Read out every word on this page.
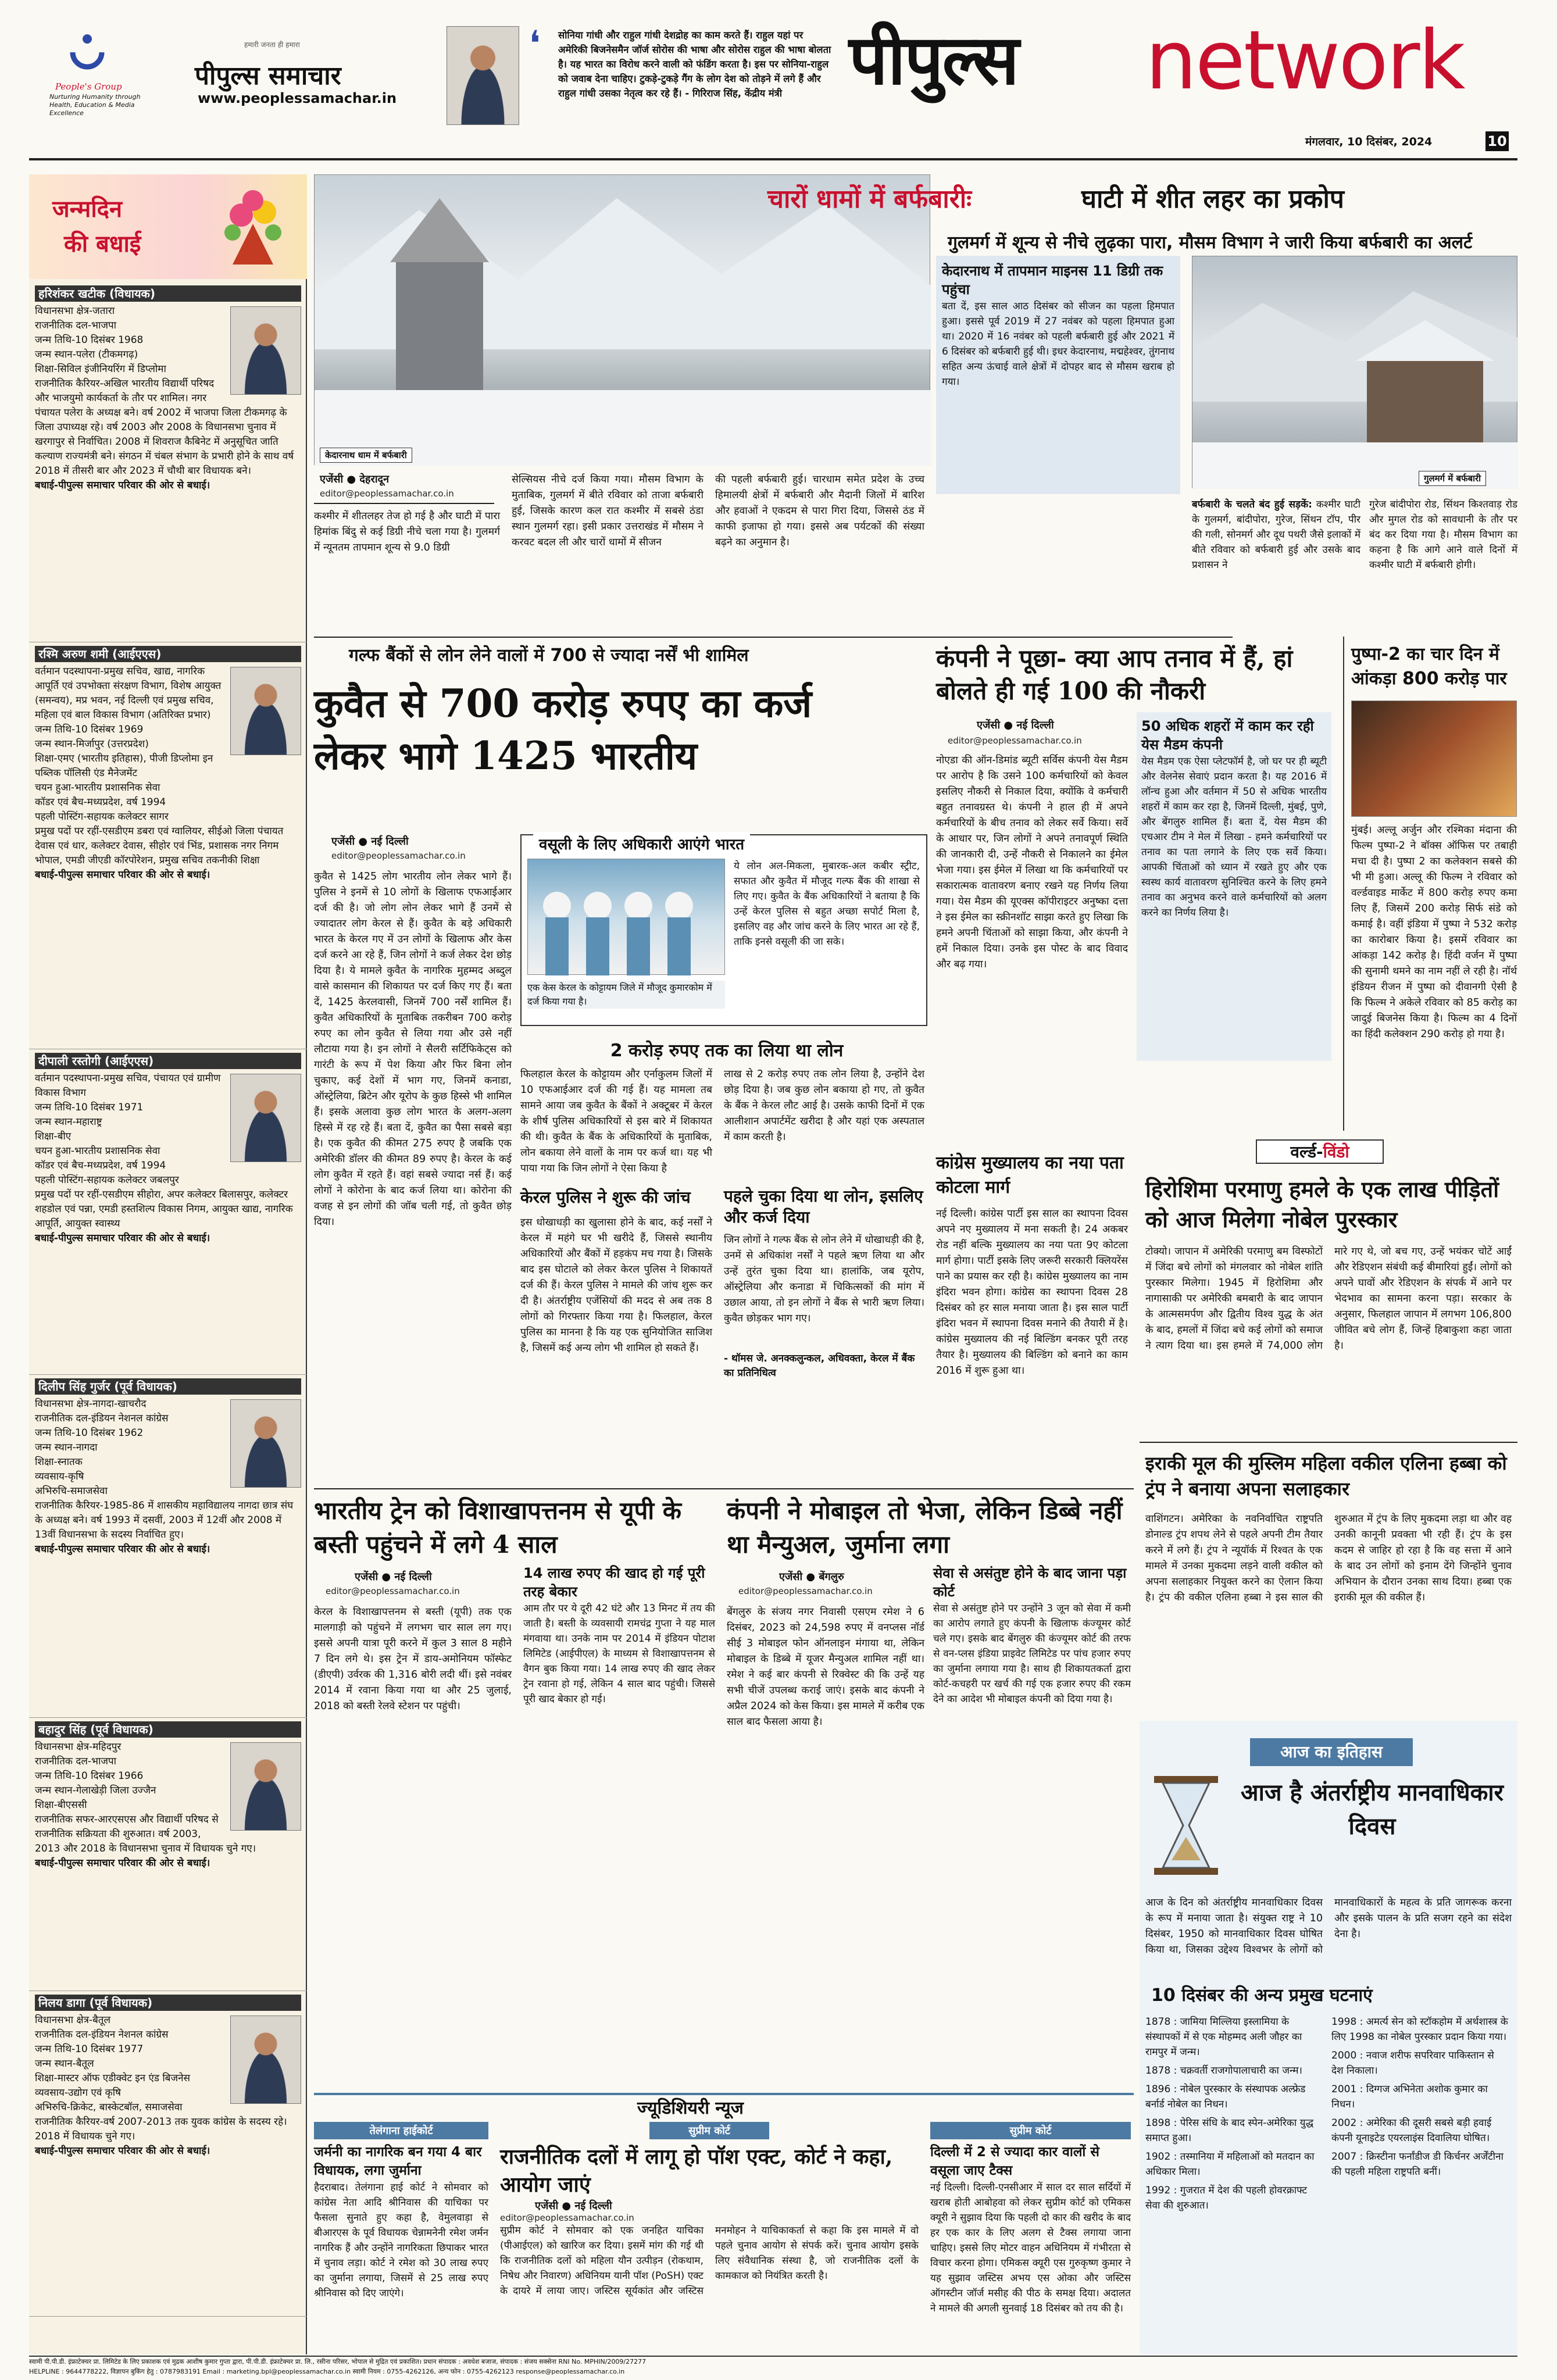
People's Group
Nurturing Humanity through Health, Education & Media Excellence
हमारी जनता ही हमारा
पीपुल्स समाचार
www.peoplessamachar.in
❛ सोनिया गांधी और राहुल गांधी देशद्रोह का काम करते हैं। राहुल यहां पर अमेरिकी बिजनेसमैन जॉर्ज सोरोस की भाषा और सोरोस राहुल की भाषा बोलता है। यह भारत का विरोध करने वाली को फंडिंग करता है। इस पर सोनिया-राहुल को जवाब देना चाहिए। टुकड़े-टुकड़े गैंग के लोग देश को तोड़ने में लगे हैं और राहुल गांधी उसका नेतृत्व कर रहे हैं। - गिरिराज सिंह, केंद्रीय मंत्री पीपुल्स network
मंगलवार, 10 दिसंबर, 2024	10
जन्मदिन
की बधाई
हरिशंकर खटीक (विधायक)

विधानसभा क्षेत्र-जतारा

राजनीतिक दल-भाजपा

जन्म तिथि-10 दिसंबर 1968

जन्म स्थान-पलेरा (टीकमगढ़)

शिक्षा-सिविल इंजीनियरिंग में डिप्लोमा

राजनीतिक कैरियर-अखिल भारतीय विद्यार्थी परिषद और भाजयुमो कार्यकर्ता के तौर पर शामिल। नगर पंचायत पलेरा के अध्यक्ष बने। वर्ष 2002 में भाजपा जिला टीकमगढ़ के जिला उपाध्यक्ष रहे। वर्ष 2003 और 2008 के विधानसभा चुनाव में खरगापुर से निर्वाचित। 2008 में शिवराज कैबिनेट में अनुसूचित जाति कल्याण राज्यमंत्री बने। संगठन में चंबल संभाग के प्रभारी होने के साथ वर्ष 2018 में तीसरी बार और 2023 में चौथी बार विधायक बने।

बधाई-पीपुल्स समाचार परिवार की ओर से बधाई।

रश्मि अरुण शमी (आईएएस)

वर्तमान पदस्थापना-प्रमुख सचिव, खाद्य, नागरिक आपूर्ति एवं उपभोक्ता संरक्षण विभाग, विशेष आयुक्त (समन्वय), मप्र भवन, नई दिल्ली एवं प्रमुख सचिव, महिला एवं बाल विकास विभाग (अतिरिक्त प्रभार)

जन्म तिथि-10 दिसंबर 1969

जन्म स्थान-मिर्जापुर (उत्तरप्रदेश)

शिक्षा-एमए (भारतीय इतिहास), पीजी डिप्लोमा इन पब्लिक पॉलिसी एंड मैनेजमेंट

चयन हुआ-भारतीय प्रशासनिक सेवा

कॉडर एवं बैच-मध्यप्रदेश, वर्ष 1994

पहली पोस्टिंग-सहायक कलेक्टर सागर

प्रमुख पदों पर रहीं-एसडीएम डबरा एवं ग्वालियर, सीईओ जिला पंचायत देवास एवं धार, कलेक्टर देवास, सीहोर एवं भिंड, प्रशासक नगर निगम भोपाल, एमडी जीएडी कॉरपोरेशन, प्रमुख सचिव तकनीकी शिक्षा

बधाई-पीपुल्स समाचार परिवार की ओर से बधाई।

दीपाली रस्तोगी (आईएएस)

वर्तमान पदस्थापना-प्रमुख सचिव, पंचायत एवं ग्रामीण विकास विभाग

जन्म तिथि-10 दिसंबर 1971

जन्म स्थान-महाराष्ट्र

शिक्षा-बीए

चयन हुआ-भारतीय प्रशासनिक सेवा

कॉडर एवं बैच-मध्यप्रदेश, वर्ष 1994

पहली पोस्टिंग-सहायक कलेक्टर जबलपुर

प्रमुख पदों पर रहीं-एसडीएम सीहोरा, अपर कलेक्टर बिलासपुर, कलेक्टर शहडोल एवं पन्ना, एमडी हस्तशिल्प विकास निगम, आयुक्त खाद्य, नागरिक आपूर्ति, आयुक्त स्वास्थ्य

बधाई-पीपुल्स समाचार परिवार की ओर से बधाई।

दिलीप सिंह गुर्जर (पूर्व विधायक)

विधानसभा क्षेत्र-नागदा-खाचरौद

राजनीतिक दल-इंडियन नेशनल कांग्रेस

जन्म तिथि-10 दिसंबर 1962

जन्म स्थान-नागदा

शिक्षा-स्नातक

व्यवसाय-कृषि

अभिरुचि-समाजसेवा

राजनीतिक कैरियर-1985-86 में शासकीय महाविद्यालय नागदा छात्र संघ के अध्यक्ष बने। वर्ष 1993 में दसवीं, 2003 में 12वीं और 2008 में 13वीं विधानसभा के सदस्य निर्वाचित हुए।

बधाई-पीपुल्स समाचार परिवार की ओर से बधाई।

बहादुर सिंह (पूर्व विधायक)

विधानसभा क्षेत्र-महिदपुर

राजनीतिक दल-भाजपा

जन्म तिथि-10 दिसंबर 1966

जन्म स्थान-गेलाखेड़ी जिला उज्जैन

शिक्षा-बीएससी

राजनीतिक सफर-आरएसएस और विद्यार्थी परिषद से राजनीतिक सक्रियता की शुरुआत। वर्ष 2003, 2013 और 2018 के विधानसभा चुनाव में विधायक चुने गए।

बधाई-पीपुल्स समाचार परिवार की ओर से बधाई।

निलय डागा (पूर्व विधायक)

विधानसभा क्षेत्र-बैतूल

राजनीतिक दल-इंडियन नेशनल कांग्रेस

जन्म तिथि-10 दिसंबर 1977

जन्म स्थान-बैतूल

शिक्षा-मास्टर ऑफ एडीक्वेट इन एंड बिजनेस

व्यवसाय-उद्योग एवं कृषि

अभिरुचि-क्रिकेट, बास्केटबॉल, समाजसेवा

राजनीतिक कैरियर-वर्ष 2007-2013 तक युवक कांग्रेस के सदस्य रहे। 2018 में विधायक चुने गए।

बधाई-पीपुल्स समाचार परिवार की ओर से बधाई।

केदारनाथ धाम में बर्फबारी
चारों धामों में बर्फबारीः	घाटी में शीत लहर का प्रकोप
गुलमर्ग में शून्य से नीचे लुढ़का पारा, मौसम विभाग ने जारी किया बर्फबारी का अलर्ट

केदारनाथ में तापमान माइनस 11 डिग्री तक पहुंचा

बता दें, इस साल आठ दिसंबर को सीजन का पहला हिमपात हुआ। इससे पूर्व 2019 में 27 नवंबर को पहला हिमपात हुआ था। 2020 में 16 नवंबर को पहली बर्फबारी हुई और 2021 में 6 दिसंबर को बर्फबारी हुई थी। इधर केदारनाथ, मद्महेश्वर, तुंगनाथ सहित अन्य ऊंचाई वाले क्षेत्रों में दोपहर बाद से मौसम खराब हो गया।

गुलमर्ग में बर्फबारी
एजेंसी ● देहरादून
editor@peoplessamachar.co.in

कश्मीर में शीतलहर तेज हो गई है और घाटी में पारा हिमांक बिंदु से कई डिग्री नीचे चला गया है। गुलमर्ग में न्यूनतम तापमान शून्य से 9.0 डिग्री

सेल्सियस नीचे दर्ज किया गया। मौसम विभाग के मुताबिक, गुलमर्ग में बीते रविवार को ताजा बर्फबारी हुई, जिसके कारण कल रात कश्मीर में सबसे ठंडा स्थान गुलमर्ग रहा। इसी प्रकार उत्तराखंड में मौसम ने करवट बदल ली और चारों धामों में सीजन

की पहली बर्फबारी हुई। चारधाम समेत प्रदेश के उच्च हिमालयी क्षेत्रों में बर्फबारी और मैदानी जिलों में बारिश और हवाओं ने एकदम से पारा गिरा दिया, जिससे ठंड में काफी इजाफा हो गया। इससे अब पर्यटकों की संख्या बढ़ने का अनुमान है।

बर्फबारी के चलते बंद हुई सड़कें: कश्मीर घाटी के गुलमर्ग, बांदीपोरा, गुरेज, सिंथन टॉप, पीर की गली, सोनमर्ग और दूध पथरी जैसे इलाकों में बीते रविवार को बर्फबारी हुई और उसके बाद प्रशासन ने

गुरेज बांदीपोरा रोड, सिंथन किश्तवाड़ रोड और मुगल रोड को सावधानी के तौर पर बंद कर दिया गया है। मौसम विभाग का कहना है कि आगे आने वाले दिनों में कश्मीर घाटी में बर्फबारी होगी।

गल्फ बैंकों से लोन लेने वालों में 700 से ज्यादा नर्सें भी शामिल
कुवैत से 700 करोड़ रुपए का कर्ज लेकर भागे 1425 भारतीय
एजेंसी ● नई दिल्ली
editor@peoplessamachar.co.in

कुवैत से 1425 लोग भारतीय लोन लेकर भागे हैं। पुलिस ने इनमें से 10 लोगों के खिलाफ एफआईआर दर्ज की है। जो लोग लोन लेकर भागे हैं उनमें से ज्यादातर लोग केरल से हैं। कुवैत के बड़े अधिकारी भारत के केरल गए में उन लोगों के खिलाफ और केस दर्ज करने आ रहे हैं, जिन लोगों ने कर्ज लेकर देश छोड़ दिया है। ये मामले कुवैत के नागरिक मुहम्मद अब्दुल वासे कासमान की शिकायत पर दर्ज किए गए हैं। बता दें, 1425 केरलवासी, जिनमें 700 नर्सें शामिल हैं। कुवैत अधिकारियों के मुताबिक तकरीबन 700 करोड़ रुपए का लोन कुवैत से लिया गया और उसे नहीं लौटाया गया है। इन लोगों ने सैलरी सर्टिफिकेट्स को गारंटी के रूप में पेश किया और फिर बिना लोन चुकाए, कई देशों में भाग गए, जिनमें कनाडा, ऑस्ट्रेलिया, ब्रिटेन और यूरोप के कुछ हिस्से भी शामिल हैं। इसके अलावा कुछ लोग भारत के अलग-अलग हिस्से में रह रहे हैं। बता दें, कुवैत का पैसा सबसे बड़ा है। एक कुवैत की कीमत 275 रुपए है जबकि एक अमेरिकी डॉलर की कीमत 89 रुपए है। केरल के कई लोग कुवैत में रहते हैं। वहां सबसे ज्यादा नर्स हैं। कई लोगों ने कोरोना के बाद कर्ज लिया था। कोरोना की वजह से इन लोगों की जॉब चली गई, तो कुवैत छोड़ दिया।

वसूली के लिए अधिकारी आएंगे भारत

एक केस केरल के कोट्टायम जिले में मौजूद कुमारकोम में दर्ज किया गया है।

ये लोन अल-मिकला, मुबारक-अल कबीर स्ट्रीट, सफात और कुवैत में मौजूद गल्फ बैंक की शाखा से लिए गए। कुवैत के बैंक अधिकारियों ने बताया है कि उन्हें केरल पुलिस से बहुत अच्छा सपोर्ट मिला है, इसलिए वह और जांच करने के लिए भारत आ रहे हैं, ताकि इनसे वसूली की जा सके।

2 करोड़ रुपए तक का लिया था लोन

फिलहाल केरल के कोट्टायम और एर्नाकुलम जिलों में 10 एफआईआर दर्ज की गई हैं। यह मामला तब सामने आया जब कुवैत के बैंकों ने अक्टूबर में केरल के शीर्ष पुलिस अधिकारियों से इस बारे में शिकायत की थी। कुवैत के बैंक के अधिकारियों के मुताबिक, लोन बकाया लेने वालों के नाम पर कर्ज था। यह भी पाया गया कि जिन लोगों ने ऐसा किया है

लाख से 2 करोड़ रुपए तक लोन लिया है, उन्होंने देश छोड़ दिया है। जब कुछ लोन बकाया हो गए, तो कुवैत के बैंक ने केरल लौट आई है। उसके काफी दिनों में एक आलीशान अपार्टमेंट खरीदा है और यहां एक अस्पताल में काम करती है।

केरल पुलिस ने शुरू की जांच

इस धोखाधड़ी का खुलासा होने के बाद, कई नर्सों ने केरल में महंगे घर भी खरीदे हैं, जिससे स्थानीय अधिकारियों और बैंकों में हड़कंप मच गया है। जिसके बाद इस घोटाले को लेकर केरल पुलिस ने शिकायतें दर्ज की हैं। केरल पुलिस ने मामले की जांच शुरू कर दी है। अंतर्राष्ट्रीय एजेंसियों की मदद से अब तक 8 लोगों को गिरफ्तार किया गया है। फिलहाल, केरल पुलिस का मानना है कि यह एक सुनियोजित साजिश है, जिसमें कई अन्य लोग भी शामिल हो सकते हैं।

पहले चुका दिया था लोन, इसलिए और कर्ज दिया

जिन लोगों ने गल्फ बैंक से लोन लेने में धोखाधड़ी की है, उनमें से अधिकांश नर्सों ने पहले ऋण लिया था और उन्हें तुरंत चुका दिया था। हालांकि, जब यूरोप, ऑस्ट्रेलिया और कनाडा में चिकित्सकों की मांग में उछाल आया, तो इन लोगों ने बैंक से भारी ऋण लिया। कुवैत छोड़कर भाग गए।

- थॉमस जे. अनक्कलुन्कल, अधिवक्ता, केरल में बैंक का प्रतिनिधित्व

कंपनी ने पूछा- क्या आप तनाव में हैं, हां बोलते ही गई 100 की नौकरी
एजेंसी ● नई दिल्ली
editor@peoplessamachar.co.in

नोएडा की ऑन-डिमांड ब्यूटी सर्विस कंपनी येस मैडम पर आरोप है कि उसने 100 कर्मचारियों को केवल इसलिए नौकरी से निकाल दिया, क्योंकि वे कर्मचारी बहुत तनावग्रस्त थे। कंपनी ने हाल ही में अपने कर्मचारियों के बीच तनाव को लेकर सर्वे किया। सर्वे के आधार पर, जिन लोगों ने अपने तनावपूर्ण स्थिति की जानकारी दी, उन्हें नौकरी से निकालने का ईमेल भेजा गया। इस ईमेल में लिखा था कि कर्मचारियों पर सकारात्मक वातावरण बनाए रखने यह निर्णय लिया गया। येस मैडम की यूएक्स कॉपीराइटर अनुष्का दत्ता ने इस ईमेल का स्क्रीनशॉट साझा करते हुए लिखा कि हमने अपनी चिंताओं को साझा किया, और कंपनी ने हमें निकाल दिया। उनके इस पोस्ट के बाद विवाद और बढ़ गया।

50 अधिक शहरों में काम कर रही येस मैडम कंपनी

येस मैडम एक ऐसा प्लेटफॉर्म है, जो घर पर ही ब्यूटी और वेलनेस सेवाएं प्रदान करता है। यह 2016 में लॉन्च हुआ और वर्तमान में 50 से अधिक भारतीय शहरों में काम कर रहा है, जिनमें दिल्ली, मुंबई, पुणे, और बेंगलुरु शामिल हैं। बता दें, येस मैडम की एचआर टीम ने मेल में लिखा - हमने कर्मचारियों पर तनाव का पता लगाने के लिए एक सर्वे किया। आपकी चिंताओं को ध्यान में रखते हुए और एक स्वस्थ कार्य वातावरण सुनिश्चित करने के लिए हमने तनाव का अनुभव करने वाले कर्मचारियों को अलग करने का निर्णय लिया है।

पुष्पा-2 का चार दिन में आंकड़ा 800 करोड़ पार

मुंबई। अल्लू अर्जुन और रश्मिका मंदाना की फिल्म पुष्पा-2 ने बॉक्स ऑफिस पर तबाही मचा दी है। पुष्पा 2 का कलेक्शन सबसे की भी मी हुआ। अल्लू की फिल्म ने रविवार को वर्ल्डवाइड मार्केट में 800 करोड़ रुपए कमा लिए हैं, जिसमें 200 करोड़ सिर्फ संडे को कमाई है। वहीं इंडिया में पुष्पा ने 532 करोड़ का कारोबार किया है। इसमें रविवार का आंकड़ा 142 करोड़ है। हिंदी वर्जन में पुष्पा की सुनामी थमने का नाम नहीं ले रही है। नॉर्थ इंडियन रीजन में पुष्पा को दीवानगी ऐसी है कि फिल्म ने अकेले रविवार को 85 करोड़ का जादुई बिजनेस किया है। फिल्म का 4 दिनों का हिंदी कलेक्शन 290 करोड़ हो गया है।

कांग्रेस मुख्यालय का नया पता कोटला मार्ग

नई दिल्ली। कांग्रेस पार्टी इस साल का स्थापना दिवस अपने नए मुख्यालय में मना सकती है। 24 अकबर रोड नहीं बल्कि मुख्यालय का नया पता 9ए कोटला मार्ग होगा। पार्टी इसके लिए जरूरी सरकारी क्लियरेंस पाने का प्रयास कर रही है। कांग्रेस मुख्यालय का नाम इंदिरा भवन होगा। कांग्रेस का स्थापना दिवस 28 दिसंबर को हर साल मनाया जाता है। इस साल पार्टी इंदिरा भवन में स्थापना दिवस मनाने की तैयारी में है। कांग्रेस मुख्यालय की नई बिल्डिंग बनकर पूरी तरह तैयार है। मुख्यालय की बिल्डिंग को बनाने का काम 2016 में शुरू हुआ था।

वर्ल्ड-विंडो
हिरोशिमा परमाणु हमले के एक लाख पीड़ितों को आज मिलेगा नोबेल पुरस्कार

टोक्यो। जापान में अमेरिकी परमाणु बम विस्फोटों में जिंदा बचे लोगों को मंगलवार को नोबेल शांति पुरस्कार मिलेगा। 1945 में हिरोशिमा और नागासाकी पर अमेरिकी बमबारी के बाद जापान के आत्मसमर्पण और द्वितीय विश्व युद्ध के अंत के बाद, हमलों में जिंदा बचे कई लोगों को समाज ने त्याग दिया था। इस हमले में 74,000 लोग मारे गए थे, जो बच गए, उन्हें भयंकर चोटें आईं और रेडिएशन संबंधी कई बीमारियां हुईं। लोगों को अपने घावों और रेडिएशन के संपर्क में आने पर भेदभाव का सामना करना पड़ा। सरकार के अनुसार, फिलहाल जापान में लगभग 106,800 जीवित बचे लोग हैं, जिन्हें हिबाकुशा कहा जाता है।

इराकी मूल की मुस्लिम महिला वकील एलिना हब्बा को ट्रंप ने बनाया अपना सलाहकार

वाशिंगटन। अमेरिका के नवनिर्वाचित राष्ट्रपति डोनाल्ड ट्रंप शपथ लेने से पहले अपनी टीम तैयार करने में लगे हैं। ट्रंप ने न्यूयॉर्क में रिश्वत के एक मामले में उनका मुकदमा लड़ने वाली वकील को अपना सलाहकार नियुक्त करने का ऐलान किया है। ट्रंप की वकील एलिना हब्बा ने इस साल की शुरुआत में ट्रंप के लिए मुकदमा लड़ा था और वह उनकी कानूनी प्रवक्ता भी रही हैं। ट्रंप के इस कदम से जाहिर हो रहा है कि वह सत्ता में आने के बाद उन लोगों को इनाम देंगे जिन्होंने चुनाव अभियान के दौरान उनका साथ दिया। हब्बा एक इराकी मूल की वकील हैं।

आज का इतिहास
आज है अंतर्राष्ट्रीय मानवाधिकार दिवस

आज के दिन को अंतर्राष्ट्रीय मानवाधिकार दिवस के रूप में मनाया जाता है। संयुक्त राष्ट्र ने 10 दिसंबर, 1950 को मानवाधिकार दिवस घोषित किया था, जिसका उद्देश्य विश्वभर के लोगों को मानवाधिकारों के महत्व के प्रति जागरूक करना और इसके पालन के प्रति सजग रहने का संदेश देना है।

10 दिसंबर की अन्य प्रमुख घटनाएं

1878 : जामिया मिल्लिया इस्लामिया के संस्थापकों में से एक मोहम्मद अली जौहर का रामपुर में जन्म।

1878 : चक्रवर्ती राजगोपालाचारी का जन्म।

1896 : नोबेल पुरस्कार के संस्थापक अल्फ्रेड बर्नार्ड नोबेल का निधन।

1898 : पेरिस संधि के बाद स्पेन-अमेरिका युद्ध समाप्त हुआ।

1902 : तस्मानिया में महिलाओं को मतदान का अधिकार मिला।

1992 : गुजरात में देश की पहली होवरक्राफ्ट सेवा की शुरुआत।

1998 : अमर्त्य सेन को स्टॉकहोम में अर्थशास्त्र के लिए 1998 का नोबेल पुरस्कार प्रदान किया गया।

2000 : नवाज शरीफ सपरिवार पाकिस्तान से देश निकाला।

2001 : दिग्गज अभिनेता अशोक कुमार का निधन।

2002 : अमेरिका की दूसरी सबसे बड़ी हवाई कंपनी यूनाइटेड एयरलाइंस दिवालिया घोषित।

2007 : क्रिस्टीना फर्नांडीज डी किर्चनर अर्जेंटीना की पहली महिला राष्ट्रपति बनीं।

भारतीय ट्रेन को विशाखापत्तनम से यूपी के बस्ती पहुंचने में लगे 4 साल
एजेंसी ● नई दिल्ली
editor@peoplessamachar.co.in

केरल के विशाखापत्तनम से बस्ती (यूपी) तक एक मालगाड़ी को पहुंचने में लगभग चार साल लग गए। इससे अपनी यात्रा पूरी करने में कुल 3 साल 8 महीने 7 दिन लगे थे। इस ट्रेन में डाय-अमोनियम फॉस्फेट (डीएपी) उर्वरक की 1,316 बोरी लदी थीं। इसे नवंबर 2014 में रवाना किया गया था और 25 जुलाई, 2018 को बस्ती रेलवे स्टेशन पर पहुंची।

14 लाख रुपए की खाद हो गई पूरी तरह बेकार

आम तौर पर ये दूरी 42 घंटे और 13 मिनट में तय की जाती है। बस्ती के व्यवसायी रामचंद्र गुप्ता ने यह माल मंगवाया था। उनके नाम पर 2014 में इंडियन पोटाश लिमिटेड (आईपीएल) के माध्यम से विशाखापत्तनम से वैगन बुक किया गया। 14 लाख रुपए की खाद लेकर ट्रेन रवाना हो गई, लेकिन 4 साल बाद पहुंची। जिससे पूरी खाद बेकार हो गई।

कंपनी ने मोबाइल तो भेजा, लेकिन डिब्बे नहीं था मैन्युअल, जुर्माना लगा
एजेंसी ● बेंगलुरु
editor@peoplessamachar.co.in

बेंगलुरु के संजय नगर निवासी एसएम रमेश ने 6 दिसंबर, 2023 को 24,598 रुपए में वनप्लस नॉर्ड सीई 3 मोबाइल फोन ऑनलाइन मंगाया था, लेकिन मोबाइल के डिब्बे में यूजर मैन्युअल शामिल नहीं था। रमेश ने कई बार कंपनी से रिक्वेस्ट की कि उन्हें यह सभी चीजें उपलब्ध कराई जाएं। इसके बाद कंपनी ने अप्रैल 2024 को केस किया। इस मामले में करीब एक साल बाद फैसला आया है।

सेवा से असंतुष्ट होने के बाद जाना पड़ा कोर्ट

सेवा से असंतुष्ट होने पर उन्होंने 3 जून को सेवा में कमी का आरोप लगाते हुए कंपनी के खिलाफ कंज्यूमर कोर्ट चले गए। इसके बाद बेंगलुरु की कंज्यूमर कोर्ट की तरफ से वन-प्लस इंडिया प्राइवेट लिमिटेड पर पांच हजार रुपए का जुर्माना लगाया गया है। साथ ही शिकायतकर्ता द्वारा कोर्ट-कचहरी पर खर्च की गई एक हजार रुपए की रकम देने का आदेश भी मोबाइल कंपनी को दिया गया है।

ज्यूडिशियरी न्यूज
तेलंगाना हाईकोर्ट

जर्मनी का नागरिक बन गया 4 बार विधायक, लगा जुर्माना

हैदराबाद। तेलंगाना हाई कोर्ट ने सोमवार को कांग्रेस नेता आदि श्रीनिवास की याचिका पर फैसला सुनाते हुए कहा है, वेमुलवाड़ा से बीआरएस के पूर्व विधायक चेन्नामनेनी रमेश जर्मन नागरिक हैं और उन्होंने नागरिकता छिपाकर भारत में चुनाव लड़ा। कोर्ट ने रमेश को 30 लाख रुपए का जुर्माना लगाया, जिसमें से 25 लाख रुपए श्रीनिवास को दिए जाएंगे।

सुप्रीम कोर्ट

राजनीतिक दलों में लागू हो पॉश एक्ट, कोर्ट ने कहा, आयोग जाएं

एजेंसी ● नई दिल्ली

editor@peoplessamachar.co.in

सुप्रीम कोर्ट ने सोमवार को एक जनहित याचिका (पीआईएल) को खारिज कर दिया। इसमें मांग की गई थी कि राजनीतिक दलों को महिला यौन उत्पीड़न (रोकथाम, निषेध और निवारण) अधिनियम यानी पॉश (PoSH) एक्ट के दायरे में लाया जाए। जस्टिस सूर्यकांत और जस्टिस मनमोहन ने याचिकाकर्ता से कहा कि इस मामले में वो पहले चुनाव आयोग से संपर्क करें। चुनाव आयोग इसके लिए संवैधानिक संस्था है, जो राजनीतिक दलों के कामकाज को नियंत्रित करती है।

सुप्रीम कोर्ट

दिल्ली में 2 से ज्यादा कार वालों से वसूला जाए टैक्स

नई दिल्ली। दिल्ली-एनसीआर में साल दर साल सर्दियों में खराब होती आबोहवा को लेकर सुप्रीम कोर्ट को एमिकस क्यूरी ने सुझाव दिया कि पहली दो कार की खरीद के बाद हर एक कार के लिए अलग से टैक्स लगाया जाना चाहिए। इससे लिए मोटर वाहन अधिनियम में गंभीरता से विचार करना होगा। एमिकस क्यूरी एस गुरुकृष्ण कुमार ने यह सुझाव जस्टिस अभय एस ओका और जस्टिस ऑगस्टीन जॉर्ज मसीह की पीठ के समक्ष दिया। अदालत ने मामले की अगली सुनवाई 18 दिसंबर को तय की है।

स्वामी पी.पी.डी. इंफ्राटेक्चर प्रा. लिमिटेड के लिए प्रकाशक एवं मुद्रक आशीष कुमार गुप्ता द्वारा, पी.पी.डी. इंफ्राटेक्चर प्रा. लि., रसीना परिसर, भोपाल से मुद्रित एवं प्रकाशित। प्रधान संपादक : अवधेश बजाज, संपादक : संजय सक्सेना RNI No. MPHIN/2009/27277
HELPLINE : 9644778222, विज्ञापन बुकिंग हेतु : 0787983191 Email : marketing.bpl@peoplessamachar.co.in स्वामी नियम : 0755-4262126, अन्य फोन : 0755-4262123 response@peoplessamachar.co.in
